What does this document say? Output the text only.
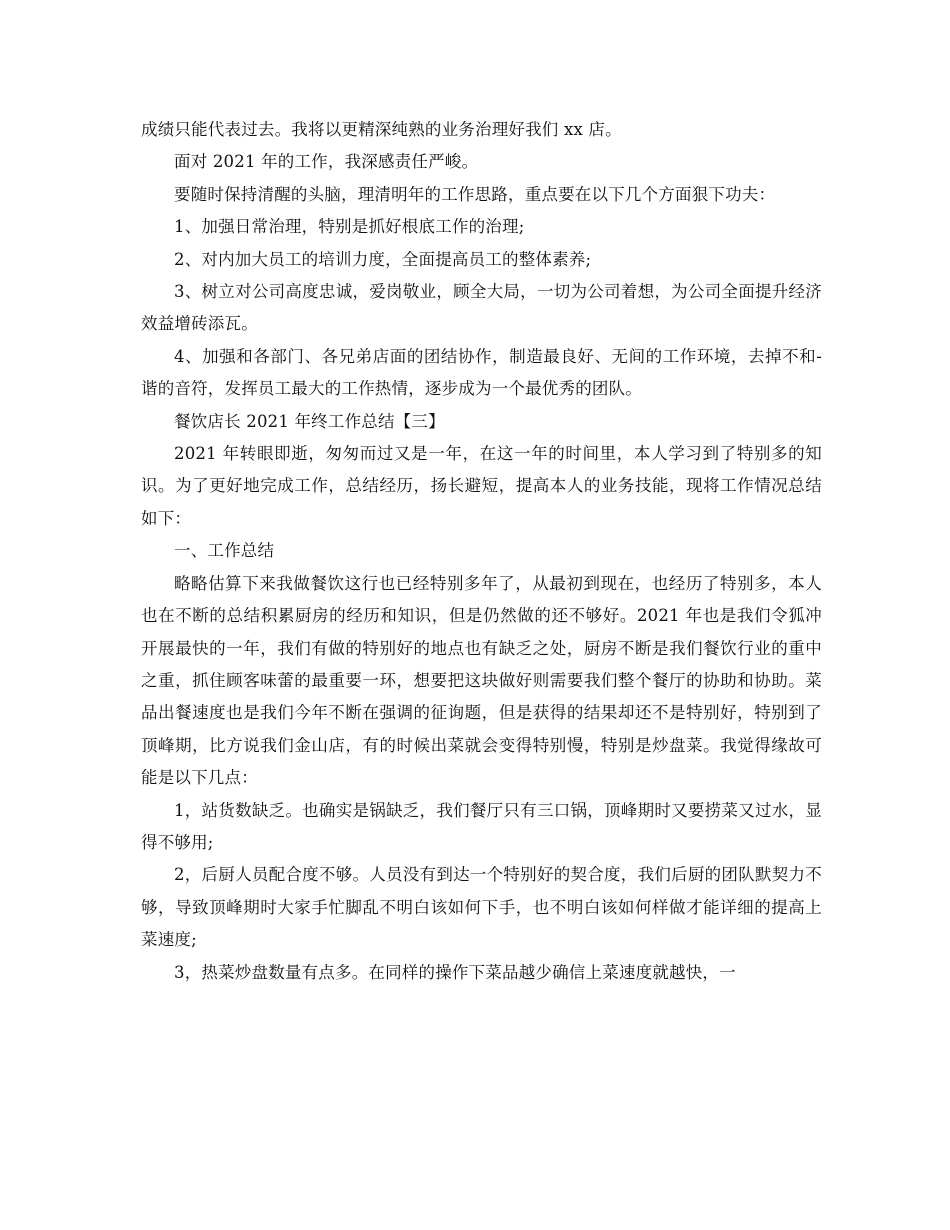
成绩只能代表过去。我将以更精深纯熟的业务治理好我们 xx 店。

面对 2021 年的工作，我深感责任严峻。

要随时保持清醒的头脑，理清明年的工作思路，重点要在以下几个方面狠下功夫：

1、加强日常治理，特别是抓好根底工作的治理;

2、对内加大员工的培训力度，全面提高员工的整体素养;

3、树立对公司高度忠诚，爱岗敬业，顾全大局，一切为公司着想，为公司全面提升经济效益增砖添瓦。

4、加强和各部门、各兄弟店面的团结协作，制造最良好、无间的工作环境，去掉不和-谐的音符，发挥员工最大的工作热情，逐步成为一个最优秀的团队。

餐饮店长 2021 年终工作总结【三】

2021 年转眼即逝，匆匆而过又是一年，在这一年的时间里，本人学习到了特别多的知识。为了更好地完成工作，总结经历，扬长避短，提高本人的业务技能，现将工作情况总结如下：

一、工作总结

略略估算下来我做餐饮这行也已经特别多年了，从最初到现在，也经历了特别多，本人也在不断的总结积累厨房的经历和知识，但是仍然做的还不够好。2021 年也是我们令狐冲开展最快的一年，我们有做的特别好的地点也有缺乏之处，厨房不断是我们餐饮行业的重中之重，抓住顾客味蕾的最重要一环，想要把这块做好则需要我们整个餐厅的协助和协助。菜品出餐速度也是我们今年不断在强调的征询题，但是获得的结果却还不是特别好，特别到了顶峰期，比方说我们金山店，有的时候出菜就会变得特别慢，特别是炒盘菜。我觉得缘故可能是以下几点：

1，站货数缺乏。也确实是锅缺乏，我们餐厅只有三口锅，顶峰期时又要捞菜又过水，显得不够用;

2，后厨人员配合度不够。人员没有到达一个特别好的契合度，我们后厨的团队默契力不够，导致顶峰期时大家手忙脚乱不明白该如何下手，也不明白该如何样做才能详细的提高上菜速度;

3，热菜炒盘数量有点多。在同样的操作下菜品越少确信上菜速度就越快，一
